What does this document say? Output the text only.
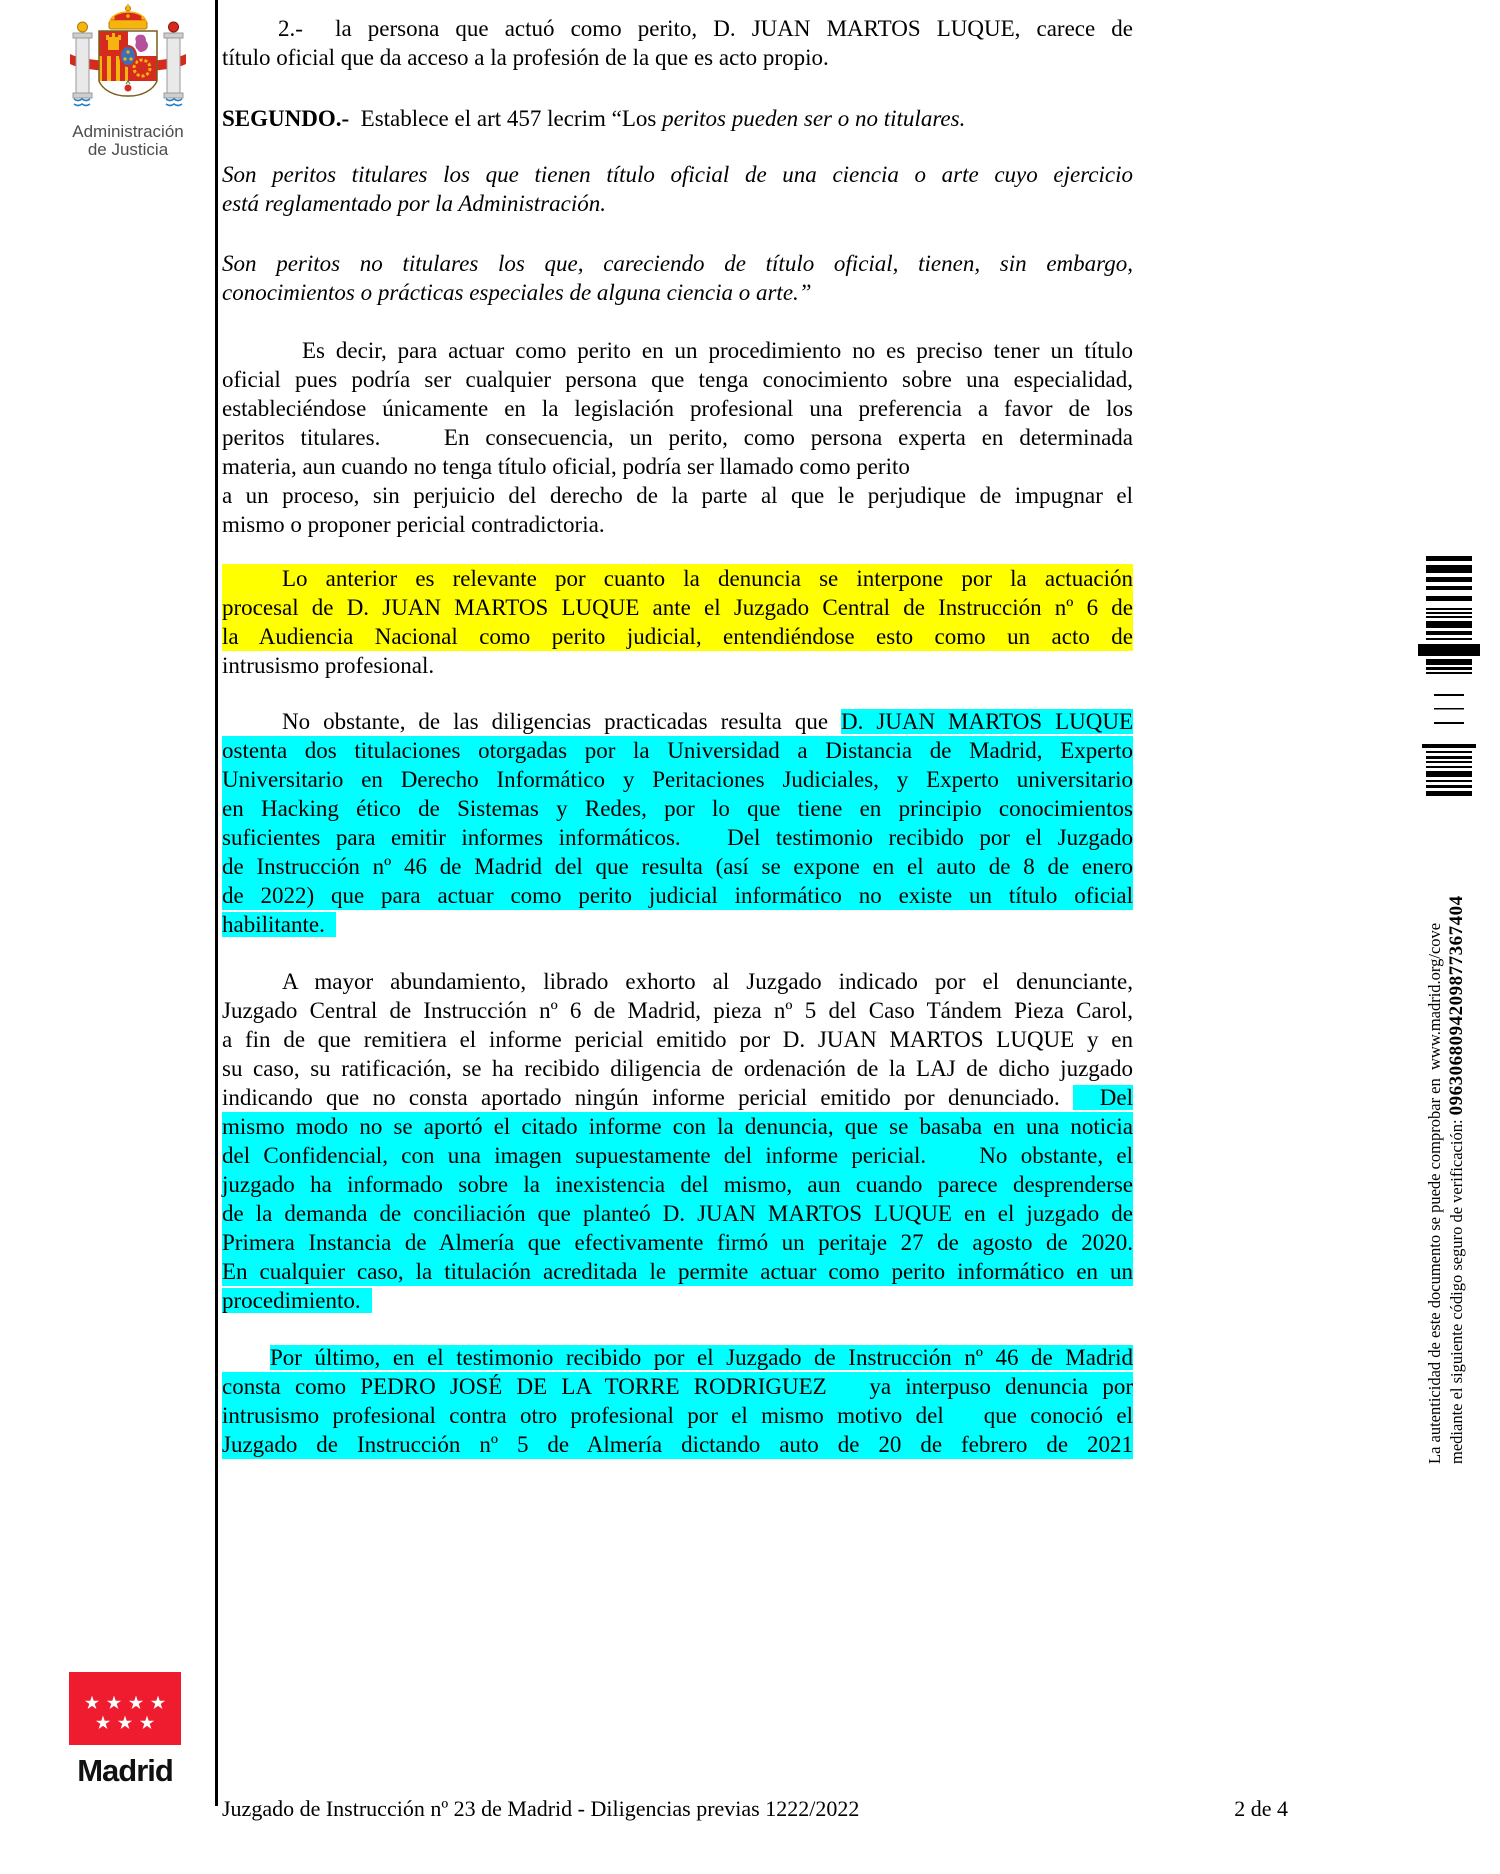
Administración
de Justicia
2.-  la persona que actuó como perito, D. JUAN MARTOS LUQUE, carece de
título oficial que da acceso a la profesión de la que es acto propio.
SEGUNDO.-  Establece el art 457 lecrim “Los peritos pueden ser o no titulares.
Son peritos titulares los que tienen título oficial de una ciencia o arte cuyo ejercicio
está reglamentado por la Administración.
Son peritos no titulares los que, careciendo de título oficial, tienen, sin embargo,
conocimientos o prácticas especiales de alguna ciencia o arte.”
Es decir, para actuar como perito en un procedimiento no es preciso tener un título
oficial pues podría ser cualquier persona que tenga conocimiento sobre una especialidad,
estableciéndose únicamente en la legislación profesional una preferencia a favor de los
peritos titulares.    En consecuencia, un perito, como persona experta en determinada
materia, aun cuando no tenga título oficial, podría ser llamado como perito
a un proceso, sin perjuicio del derecho de la parte al que le perjudique de impugnar el
mismo o proponer pericial contradictoria.
Lo anterior es relevante por cuanto la denuncia se interpone por la actuación
procesal de D. JUAN MARTOS LUQUE ante el Juzgado Central de Instrucción nº 6 de
la Audiencia Nacional como perito judicial, entendiéndose esto como un acto de
intrusismo profesional.
No obstante, de las diligencias practicadas resulta que D. JUAN MARTOS LUQUE
ostenta dos titulaciones otorgadas por la Universidad a Distancia de Madrid, Experto
Universitario en Derecho Informático y Peritaciones Judiciales, y Experto universitario
en Hacking ético de Sistemas y Redes, por lo que tiene en principio conocimientos
suficientes para emitir informes informáticos.   Del testimonio recibido por el Juzgado
de Instrucción nº 46 de Madrid del que resulta (así se expone en el auto de 8 de enero
de 2022) que para actuar como perito judicial informático no existe un título oficial
habilitante.
A mayor abundamiento, librado exhorto al Juzgado indicado por el denunciante,
Juzgado Central de Instrucción nº 6 de Madrid, pieza nº 5 del Caso Tándem Pieza Carol,
a fin de que remitiera el informe pericial emitido por D. JUAN MARTOS LUQUE y en
su caso, su ratificación, se ha recibido diligencia de ordenación de la LAJ de dicho juzgado
indicando que no consta aportado ningún informe pericial emitido por denunciado.   Del
mismo modo no se aportó el citado informe con la denuncia, que se basaba en una noticia
del Confidencial, con una imagen supuestamente del informe pericial.    No obstante, el
juzgado ha informado sobre la inexistencia del mismo, aun cuando parece desprenderse
de la demanda de conciliación que planteó D. JUAN MARTOS LUQUE en el juzgado de
Primera Instancia de Almería que efectivamente firmó un peritaje 27 de agosto de 2020.
En cualquier caso, la titulación acreditada le permite actuar como perito informático en un
procedimiento.
Por último, en el testimonio recibido por el Juzgado de Instrucción nº 46 de Madrid
consta como PEDRO JOSÉ DE LA TORRE RODRIGUEZ   ya interpuso denuncia por
intrusismo profesional contra otro profesional por el mismo motivo del   que conoció el
Juzgado de Instrucción nº 5 de Almería dictando auto de 20 de febrero de 2021	La autenticidad de este documento se puede comprobar en  www.madrid.org/cove
mediante el siguiente código seguro de verificación: 0963068094209877367404
Madrid
Juzgado de Instrucción nº 23 de Madrid - Diligencias previas 1222/2022	2 de 4
